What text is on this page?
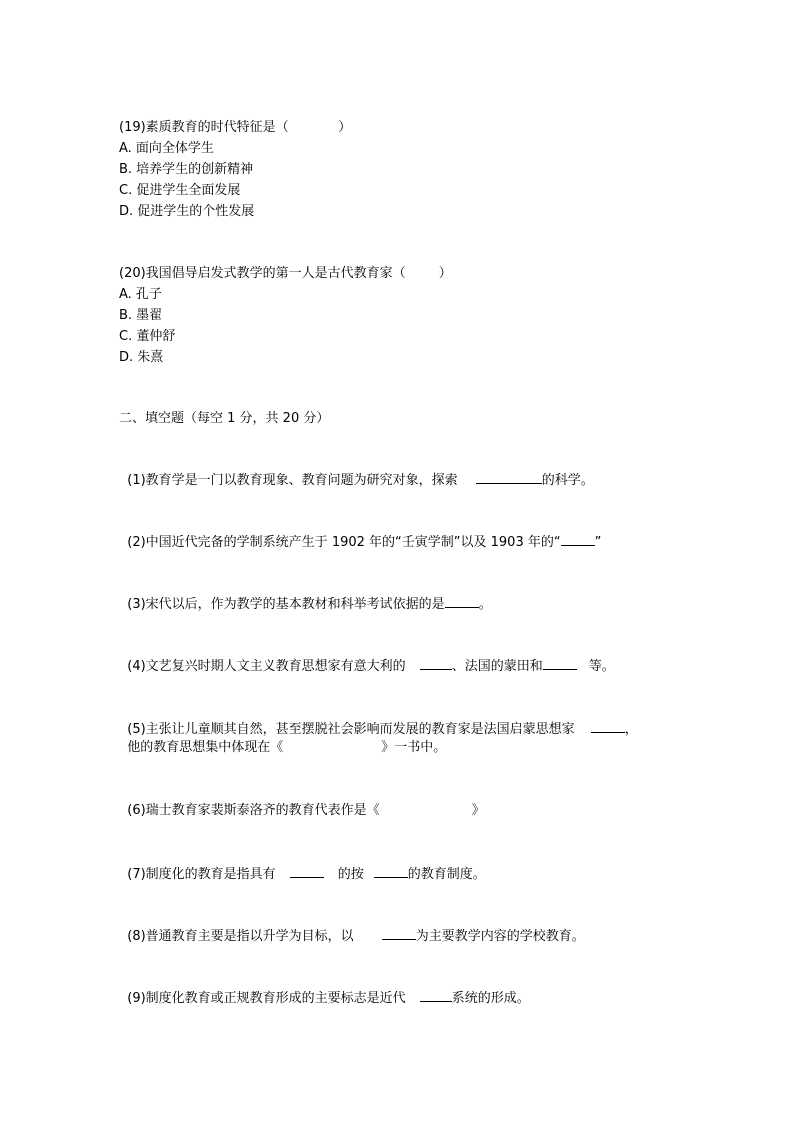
(19)素质教育的时代特征是（            ）
A. 面向全体学生
B. 培养学生的创新精神
C. 促进学生全面发展
D. 促进学生的个性发展
(20)我国倡导启发式教学的第一人是古代教育家（        ）
A. 孔子
B. 墨翟
C. 董仲舒
D. 朱熹
二、填空题（每空 1 分，共 20 分）

(1)教育学是一门以教育现象、教育问题为研究对象，探索	的科学。

(2)中国近代完备的学制系统产生于 1902 年的“壬寅学制”以及 1903 年的“	”

(3)宋代以后，作为教学的基本教材和科举考试依据的是	。

(4)文艺复兴时期人文主义教育思想家有意大利的	、法国的蒙田和	等。

(5)主张让儿童顺其自然，甚至摆脱社会影响而发展的教育家是法国启蒙思想家	，

他的教育思想集中体现在《	》一书中。

(6)瑞士教育家裴斯泰洛齐的教育代表作是《	》

(7)制度化的教育是指具有	的按	的教育制度。

(8)普通教育主要是指以升学为目标，以	为主要教学内容的学校教育。

(9)制度化教育或正规教育形成的主要标志是近代	系统的形成。
